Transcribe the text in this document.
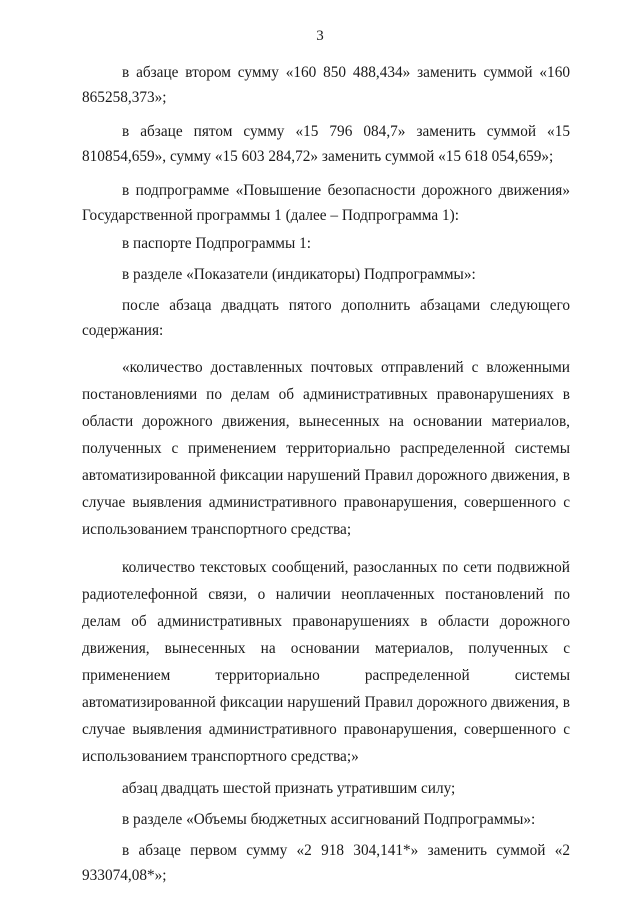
3

в абзаце втором сумму «160 850 488,434» заменить суммой «160 865258,373»;

в абзаце пятом сумму «15 796 084,7» заменить суммой «15 810854,659», сумму «15 603 284,72» заменить суммой «15 618 054,659»;

в подпрограмме «Повышение безопасности дорожного движения» Государственной программы 1 (далее – Подпрограмма 1):

в паспорте Подпрограммы 1:

в разделе «Показатели (индикаторы) Подпрограммы»:

после абзаца двадцать пятого дополнить абзацами следующего содержания:

«количество доставленных почтовых отправлений с вложенными постановлениями по делам об административных правонарушениях в области дорожного движения, вынесенных на основании материалов, полученных с применением территориально распределенной системы автоматизированной фиксации нарушений Правил дорожного движения, в случае выявления административного правонарушения, совершенного с использованием транспортного средства;

количество текстовых сообщений, разосланных по сети подвижной радиотелефонной связи, о наличии неоплаченных постановлений по делам об административных правонарушениях в области дорожного движения, вынесенных на основании материалов, полученных с применением территориально распределенной системы автоматизированной фиксации нарушений Правил дорожного движения, в случае выявления административного правонарушения, совершенного с использованием транспортного средства;»

абзац двадцать шестой признать утратившим силу;

в разделе «Объемы бюджетных ассигнований Подпрограммы»:

в абзаце первом сумму «2 918 304,141*» заменить суммой «2 933074,08*»;
